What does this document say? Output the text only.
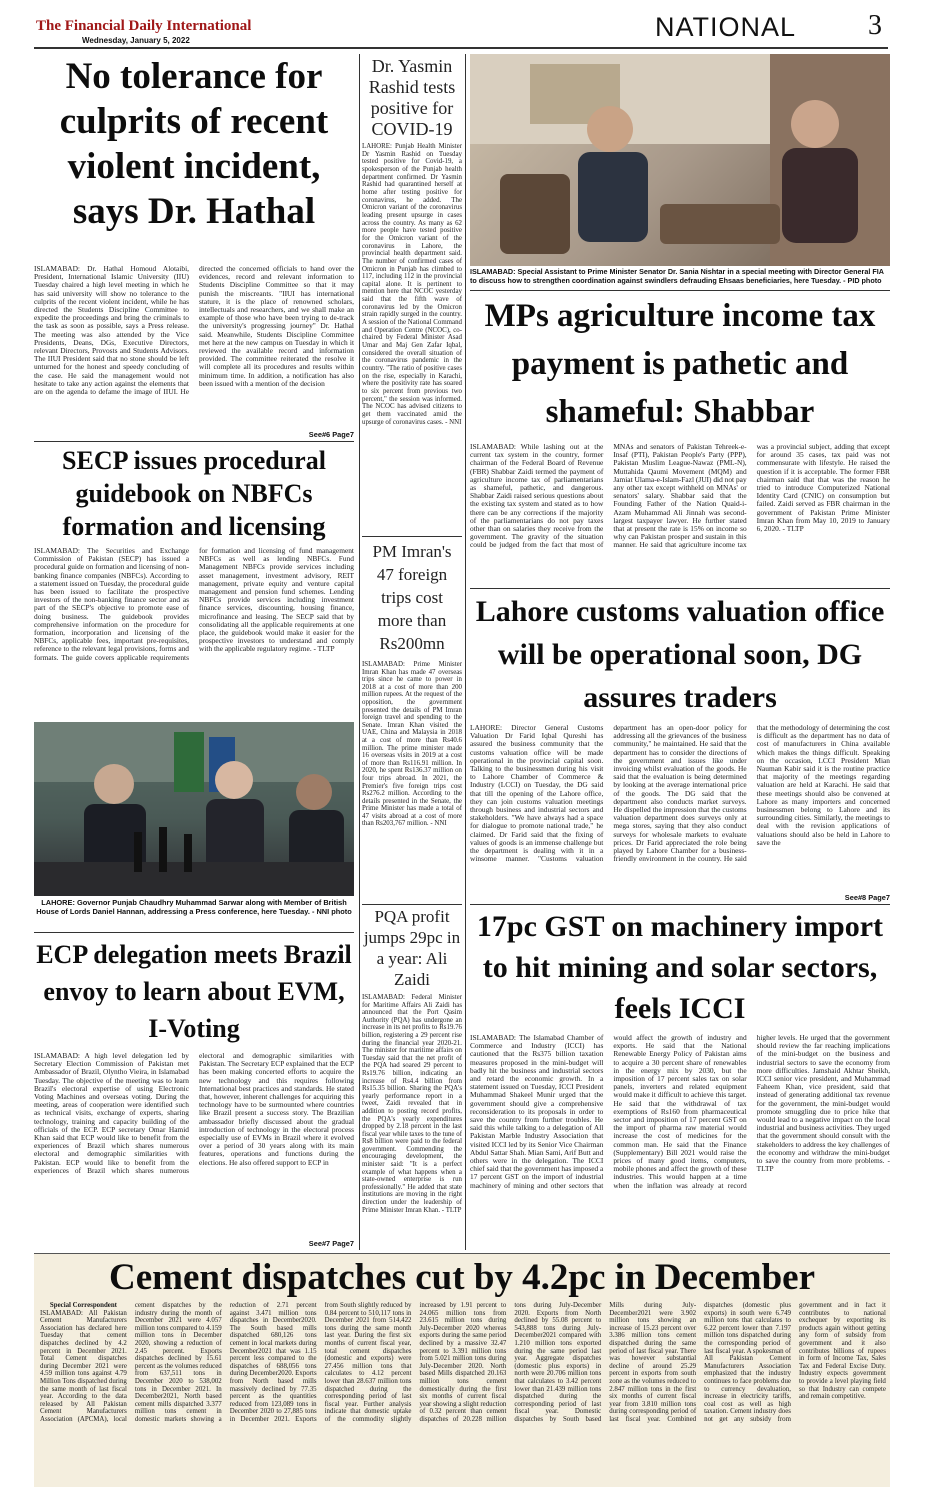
The Financial Daily International
Wednesday, January 5, 2022	NATIONAL	3
No tolerance for culprits of recent violent incident, says Dr. Hathal
ISLAMABAD: Dr. Hathal Homoud Alotaibi, President, International Islamic University (IIU) Tuesday chaired a high level meeting in which he has said university will show no tolerance to the culprits of the recent violent incident, while he has directed the Students Discipline Committee to expedite the proceedings and bring the criminals to the task as soon as possible, says a Press release. The meeting was also attended by the Vice Presidents, Deans, DGs, Executive Directors, relevant Directors, Provosts and Students Advisors. The IIUI President said that no stone should be left unturned for the honest and speedy concluding of the case. He said the management would not hesitate to take any action against the elements that are on the agenda to defame the image of IIUI. He directed the concerned officials to hand over the evidences, record and relevant information to Students Discipline Committee so that it may punish the miscreants. "IIUI has international stature, it is the place of renowned scholars, intellectuals and researchers, and we shall make an example of those who have been trying to de-track the university's progressing journey" Dr. Hathal said. Meanwhile, Students Discipline Committee met here at the new campus on Tuesday in which it reviewed the available record and information provided. The committee reiterated the resolve it will complete all its procedures and results within minimum time. In addition, a notification has also been issued with a mention of the decision
See#6 Page7
SECP issues procedural guidebook on NBFCs formation and licensing
ISLAMABAD: The Securities and Exchange Commission of Pakistan (SECP) has issued a procedural guide on formation and licensing of non-banking finance companies (NBFCs). According to a statement issued on Tuesday, the procedural guide has been issued to facilitate the prospective investors of the non-banking finance sector and as part of the SECP's objective to promote ease of doing business. The guidebook provides comprehensive information on the procedure for formation, incorporation and licensing of the NBFCs, applicable fees, important pre-requisites, reference to the relevant legal provisions, forms and formats. The guide covers applicable requirements for formation and licensing of fund management NBFCs as well as lending NBFCs. Fund Management NBFCs provide services including asset management, investment advisory, REIT management, private equity and venture capital management and pension fund schemes. Lending NBFCs provide services including investment finance services, discounting, housing finance, microfinance and leasing. The SECP said that by consolidating all the applicable requirements at one place, the guidebook would make it easier for the prospective investors to understand and comply with the applicable regulatory regime. - TLTP
LAHORE: Governor Punjab Chaudhry Muhammad Sarwar along with Member of British House of Lords Daniel Hannan, addressing a Press conference, here Tuesday. - NNI photo
ECP delegation meets Brazil envoy to learn about EVM, I-Voting
ISLAMABAD: A high level delegation led by Secretary Election Commission of Pakistan met Ambassador of Brazil, Olyntho Vieira, in Islamabad Tuesday. The objective of the meeting was to learn Brazil's electoral expertise of using Electronic Voting Machines and overseas voting. During the meeting, areas of cooperation were identified such as technical visits, exchange of experts, sharing technology, training and capacity building of the officials of the ECP. ECP secretary Omar Hamid Khan said that ECP would like to benefit from the experiences of Brazil which shares numerous electoral and demographic similarities with Pakistan. ECP would like to benefit from the experiences of Brazil which shares numerous electoral and demographic similarities with Pakistan. The Secretary ECP explained that the ECP has been making concerted efforts to acquire the new technology and this requires following International best practices and standards. He stated that, however, inherent challenges for acquiring this technology have to be surmounted where countries like Brazil present a success story. The Brazilian ambassador briefly discussed about the gradual introduction of technology in the electoral process especially use of EVMs in Brazil where it evolved over a period of 30 years along with its main features, operations and functions during the elections. He also offered support to ECP in
See#7 Page7
Dr. Yasmin Rashid tests positive for COVID-19
LAHORE: Punjab Health Minister Dr Yasmin Rashid on Tuesday tested positive for Covid-19, a spokesperson of the Punjab health department confirmed. Dr Yasmin Rashid had quarantined herself at home after testing positive for coronavirus, he added. The Omicron variant of the coronavirus leading present upsurge in cases across the country. As many as 62 more people have tested positive for the Omicron variant of the coronavirus in Lahore, the provincial health department said. The number of confirmed cases of Omicron in Punjab has climbed to 117, including 112 in the provincial capital alone. It is pertinent to mention here that NCOC yesterday said that the fifth wave of coronavirus led by the Omicron strain rapidly surged in the country. A session of the National Command and Operation Centre (NCOC), co-chaired by Federal Minister Asad Umar and Maj Gen Zafar Iqbal, considered the overall situation of the coronavirus pandemic in the country. "The ratio of positive cases on the rise, especially in Karachi, where the positivity rate has soared to six percent from previous two percent," the session was informed. The NCOC has advised citizens to get them vaccinated amid the upsurge of coronavirus cases. - NNI
PM Imran's 47 foreign trips cost more than Rs200mn
ISLAMABAD: Prime Minister Imran Khan has made 47 overseas trips since he came to power in 2018 at a cost of more than 200 million rupees. At the request of the opposition, the government presented the details of PM Imran foreign travel and spending to the Senate. Imran Khan visited the UAE, China and Malaysia in 2018 at a cost of more than Rs40.6 million. The prime minister made 16 overseas visits in 2019 at a cost of more than Rs116.91 million. In 2020, he spent Rs136.37 million on four trips abroad. In 2021, the Premier's five foreign trips cost Rs276.2 million. According to the details presented in the Senate, the Prime Minister has made a total of 47 visits abroad at a cost of more than Rs203,767 million. - NNI
PQA profit jumps 29pc in a year: Ali Zaidi
ISLAMABAD: Federal Minister for Maritime Affairs Ali Zaidi has announced that the Port Qasim Authority (PQA) has undergone an increase in its net profits to Rs19.76 billion, registering a 29 percent rise during the financial year 2020-21. The minister for maritime affairs on Tuesday said that the net profit of the PQA had soared 29 percent to Rs19.76 billion, indicating an increase of Rs4.4 billion from Rs15.35 billion. Sharing the PQA's yearly performance report in a tweet, Zaidi revealed that in addition to posting record profits, the PQA's yearly expenditures dropped by 2.18 percent in the last fiscal year while taxes to the tune of Rs8 billion were paid to the federal government. Commending the encouraging development, the minister said: "It is a perfect example of what happens when a state-owned enterprise is run professionally." He added that state institutions are moving in the right direction under the leadership of Prime Minister Imran Khan. - TLTP
ISLAMABAD: Special Assistant to Prime Minister Senator Dr. Sania Nishtar in a special meeting with Director General FIA to discuss how to strengthen coordination against swindlers defrauding Ehsaas beneficiaries, here Tuesday. - PID photo
MPs agriculture income tax payment is pathetic and shameful: Shabbar
ISLAMABAD: While lashing out at the current tax system in the country, former chairman of the Federal Board of Revenue (FBR) Shabbar Zaidi termed the payment of agriculture income tax of parliamentarians as shameful, pathetic, and dangerous. Shabbar Zaidi raised serious questions about the existing tax system and stated as to how there can be any corrections if the majority of the parliamentarians do not pay taxes other than on salaries they receive from the government. The gravity of the situation could be judged from the fact that most of MNAs and senators of Pakistan Tehreek-e-Insaf (PTI), Pakistan People's Party (PPP), Pakistan Muslim League-Nawaz (PML-N), Muttahida Qaumi Movement (MQM) and Jamiat Ulama-e-Islam-Fazl (JUI) did not pay any other tax except withheld on MNAs' or senators' salary. Shabbar said that the Founding Father of the Nation Quaid-i-Azam Muhammad Ali Jinnah was second-largest taxpayer lawyer. He further stated that at present the rate is 15% on income so why can Pakistan prosper and sustain in this manner. He said that agriculture income tax was a provincial subject, adding that except for around 35 cases, tax paid was not commensurate with lifestyle. He raised the question if it is acceptable. The former FBR chairman said that that was the reason he tried to introduce Computerized National Identity Card (CNIC) on consumption but failed. Zaidi served as FBR chairman in the government of Pakistan Prime Minister Imran Khan from May 10, 2019 to January 6, 2020. - TLTP
Lahore customs valuation office will be operational soon, DG assures traders
LAHORE: Director General Customs Valuation Dr Farid Iqbal Qureshi has assured the business community that the customs valuation office will be made operational in the provincial capital soon. Talking to the businessmen during his visit to Lahore Chamber of Commerce & Industry (LCCI) on Tuesday, the DG said that till the opening of the Lahore office, they can join customs valuation meetings through business and industrial sectors and stakeholders. "We have always had a space for dialogue to promote national trade," he claimed. Dr Farid said that the fixing of values of goods is an immense challenge but the department is dealing with it in a winsome manner. "Customs valuation department has an open-door policy for addressing all the grievances of the business community," he maintained. He said that the department has to consider the directions of the government and issues like under invoicing whilst evaluation of the goods. He said that the evaluation is being determined by looking at the average international price of the goods. The DG said that the department also conducts market surveys. He dispelled the impression that the customs valuation department does surveys only at mega stores, saying that they also conduct surveys for wholesale markets to evaluate prices. Dr Farid appreciated the role being played by Lahore Chamber for a business-friendly environment in the country. He said that the methodology of determining the cost is difficult as the department has no data of cost of manufacturers in China available which makes the things difficult. Speaking on the occasion, LCCI President Mian Nauman Kabir said it is the routine practice that majority of the meetings regarding valuation are held at Karachi. He said that these meetings should also be convened at Lahore as many importers and concerned businessmen belong to Lahore and its surrounding cities. Similarly, the meetings to deal with the revision applications of valuations should also be held in Lahore to save the
See#8 Page7
17pc GST on machinery import to hit mining and solar sectors, feels ICCI
ISLAMABAD: The Islamabad Chamber of Commerce and Industry (ICCI) has cautioned that the Rs375 billion taxation measures proposed in the mini-budget will badly hit the business and industrial sectors and retard the economic growth. In a statement issued on Tuesday, ICCI President Muhammad Shakeel Munir urged that the government should give a comprehensive reconsideration to its proposals in order to save the country from further troubles. He said this while talking to a delegation of All Pakistan Marble Industry Association that visited ICCI led by its Senior Vice Chairman Abdul Sattar Shah. Mian Sami, Arif Butt and others were in the delegation. The ICCI chief said that the government has imposed a 17 percent GST on the import of industrial machinery of mining and other sectors that would affect the growth of industry and exports. He said that the National Renewable Energy Policy of Pakistan aims to acquire a 30 percent share of renewables in the energy mix by 2030, but the imposition of 17 percent sales tax on solar panels, inverters and related equipment would make it difficult to achieve this target. He said that the withdrawal of tax exemptions of Rs160 from pharmaceutical sector and imposition of 17 percent GST on the import of pharma raw material would increase the cost of medicines for the common man. He said that the Finance (Supplementary) Bill 2021 would raise the prices of many good items, computers, mobile phones and affect the growth of these industries. This would happen at a time when the inflation was already at record higher levels. He urged that the government should review the far reaching implications of the mini-budget on the business and industrial sectors to save the economy from more difficulties. Jamshaid Akhtar Sheikh, ICCI senior vice president, and Muhammad Faheem Khan, vice president, said that instead of generating additional tax revenue for the government, the mini-budget would promote smuggling due to price hike that would lead to a negative impact on the local industrial and business activities. They urged that the government should consult with the stakeholders to address the key challenges of the economy and withdraw the mini-budget to save the country from more problems. - TLTP
Cement dispatches cut by 4.2pc in December
Special Correspondent
ISLAMABAD: All Pakistan Cement Manufacturers Association has declared here Tuesday that cement dispatches declined by 4.2 percent in December 2021. Total Cement dispatches during December 2021 were 4.59 million tons against 4.79 Million Tons dispatched during the same month of last fiscal year. According to the data released by All Pakistan Cement Manufacturers Association (APCMA), local cement dispatches by the industry during the month of December 2021 were 4.057 million tons compared to 4.159 million tons in December 2020, showing a reduction of 2.45 percent. Exports dispatches declined by 15.61 percent as the volumes reduced from 637,511 tons in December 2020 to 538,002 tons in December 2021. In December2021, North based cement mills dispatched 3.377 million tons cement in domestic markets showing a reduction of 2.71 percent against 3.471 million tons dispatches in December2020. The South based mills dispatched 680,126 tons cement in local markets during December2021 that was 1.15 percent less compared to the dispatches of 688,056 tons during December2020. Exports from North based mills massively declined by 77.35 percent as the quantities reduced from 123,089 tons in December 2020 to 27,885 tons in December 2021. Exports from South slightly reduced by 0.84 percent to 510,117 tons in December 2021 from 514,422 tons during the same month last year. During the first six months of current fiscal year, total cement dispatches (domestic and exports) were 27.456 million tons that calculates to 4.12 percent lower than 28.637 million tons dispatched during the corresponding period of last fiscal year. Further analysis indicate that domestic uptake of the commodity slightly increased by 1.91 percent to 24.065 million tons from 23.615 million tons during July-December 2020 whereas exports during the same period declined by a massive 32.47 percent to 3.391 million tons from 5.021 million tons during July-December 2020. North based Mills dispatched 20.163 million tons cement domestically during the first six months of current fiscal year showing a slight reduction of 0.32 percent than cement dispatches of 20.228 million tons during July-December 2020. Exports from North declined by 55.08 percent to 543,888 tons during July-December2021 compared with 1.210 million tons exported during the same period last year. Aggregate dispatches (domestic plus exports) in north were 20.706 million tons that calculates to 3.42 percent lower than 21.439 million tons dispatched during the corresponding period of last fiscal year. Domestic dispatches by South based Mills during July-December2021 were 3.902 million tons showing an increase of 15.23 percent over 3.386 million tons cement dispatched during the same period of last fiscal year. There was however substantial decline of around 25.29 percent in exports from south zone as the volumes reduced to 2.847 million tons in the first six months of current fiscal year from 3.810 million tons during corresponding period of last fiscal year. Combined dispatches (domestic plus exports) in south were 6.749 million tons that calculates to 6.22 percent lower than 7.197 million tons dispatched during the corresponding period of last fiscal year. A spokesman of All Pakistan Cement Manufacturers Association emphasized that the industry continues to face problems due to currency devaluation, increase in electricity tariffs, coal cost as well as high taxation. Cement industry does not get any subsidy from government and in fact it contributes to national exchequer by exporting its products again without getting any form of subsidy from government and it also contributes billions of rupees in form of Income Tax, Sales Tax and Federal Excise Duty. Industry expects government to provide a level playing field so that Industry can compete and remain competitive.
